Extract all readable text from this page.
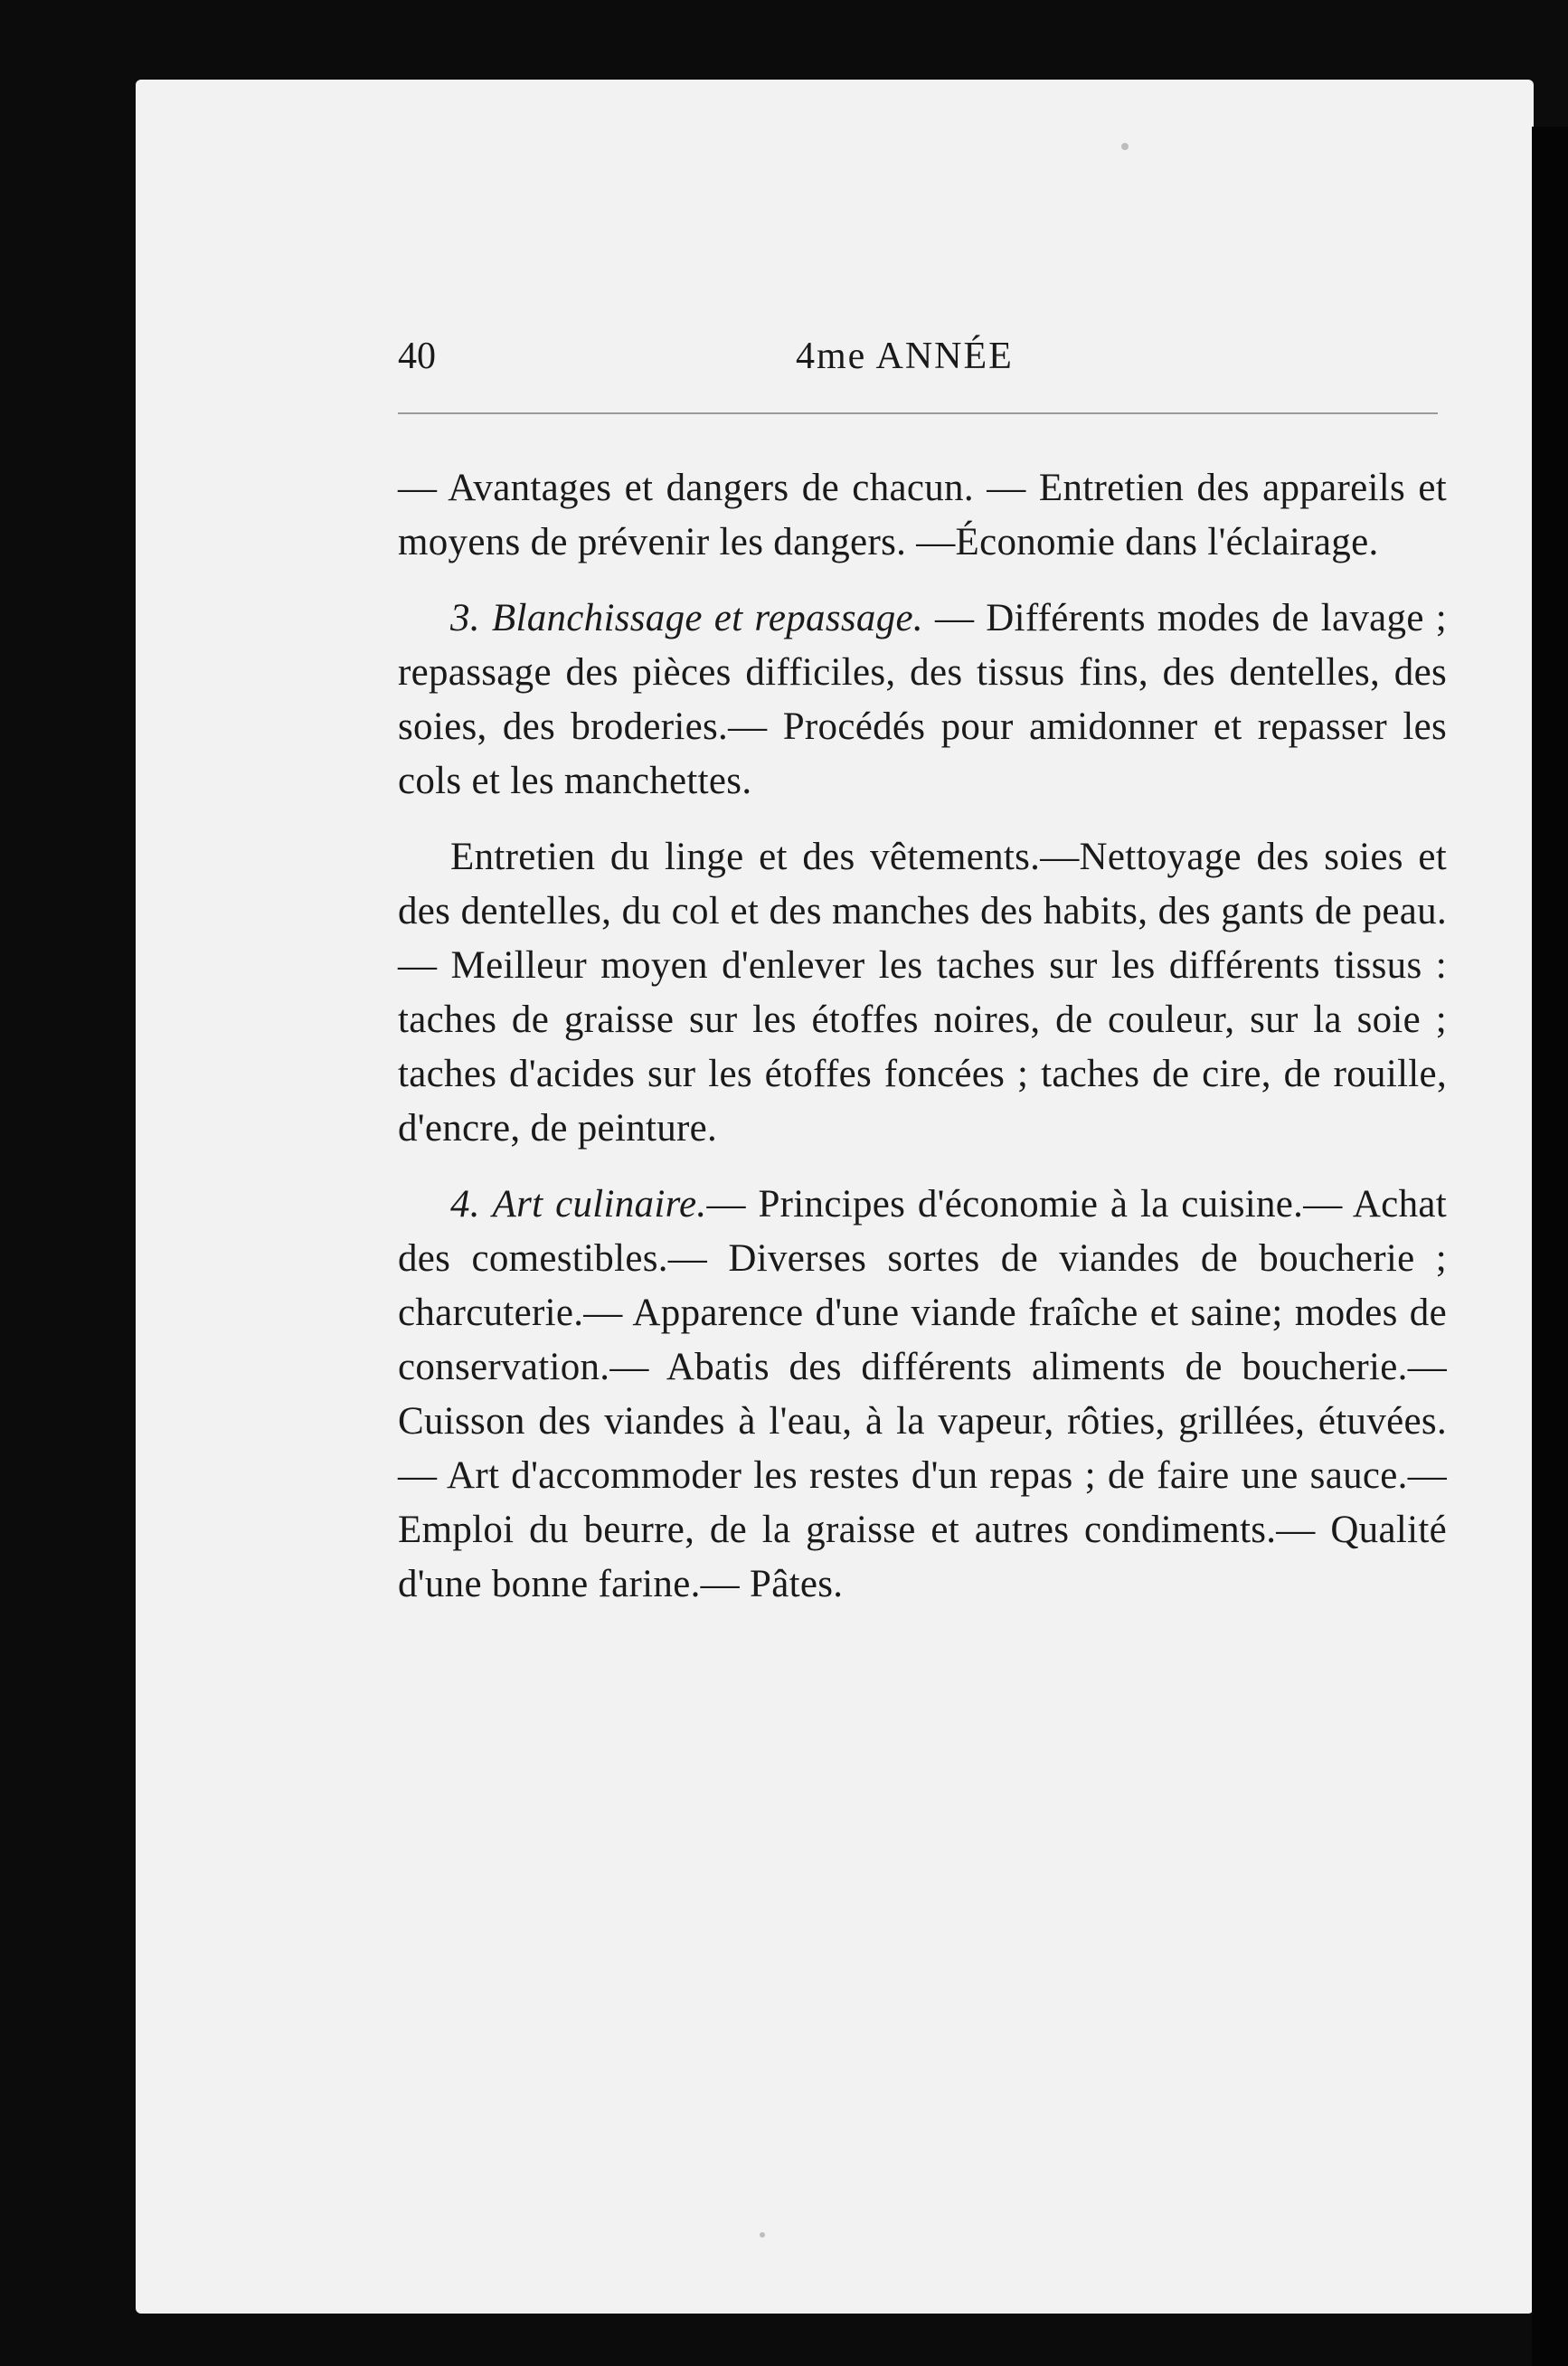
40	4me ANNÉE

— Avantages et dangers de chacun. — Entretien des appareils et moyens de prévenir les dangers. —Économie dans l'éclairage.

3. Blanchissage et repassage. — Différents modes de lavage ; repassage des pièces difficiles, des tissus fins, des dentelles, des soies, des broderies.— Procédés pour amidonner et repasser les cols et les manchettes.

Entretien du linge et des vêtements.—Nettoyage des soies et des dentelles, du col et des manches des habits, des gants de peau.— Meilleur moyen d'enlever les taches sur les différents tissus : taches de graisse sur les étoffes noires, de couleur, sur la soie ; taches d'acides sur les étoffes foncées ; taches de cire, de rouille, d'encre, de peinture.

4. Art culinaire.— Principes d'économie à la cuisine.— Achat des comestibles.— Diverses sortes de viandes de boucherie ; charcuterie.— Apparence d'une viande fraîche et saine; modes de conservation.— Abatis des différents aliments de boucherie.— Cuisson des viandes à l'eau, à la vapeur, rôties, grillées, étuvées.— Art d'accommoder les restes d'un repas ; de faire une sauce.— Emploi du beurre, de la graisse et autres condiments.— Qualité d'une bonne farine.— Pâtes.
